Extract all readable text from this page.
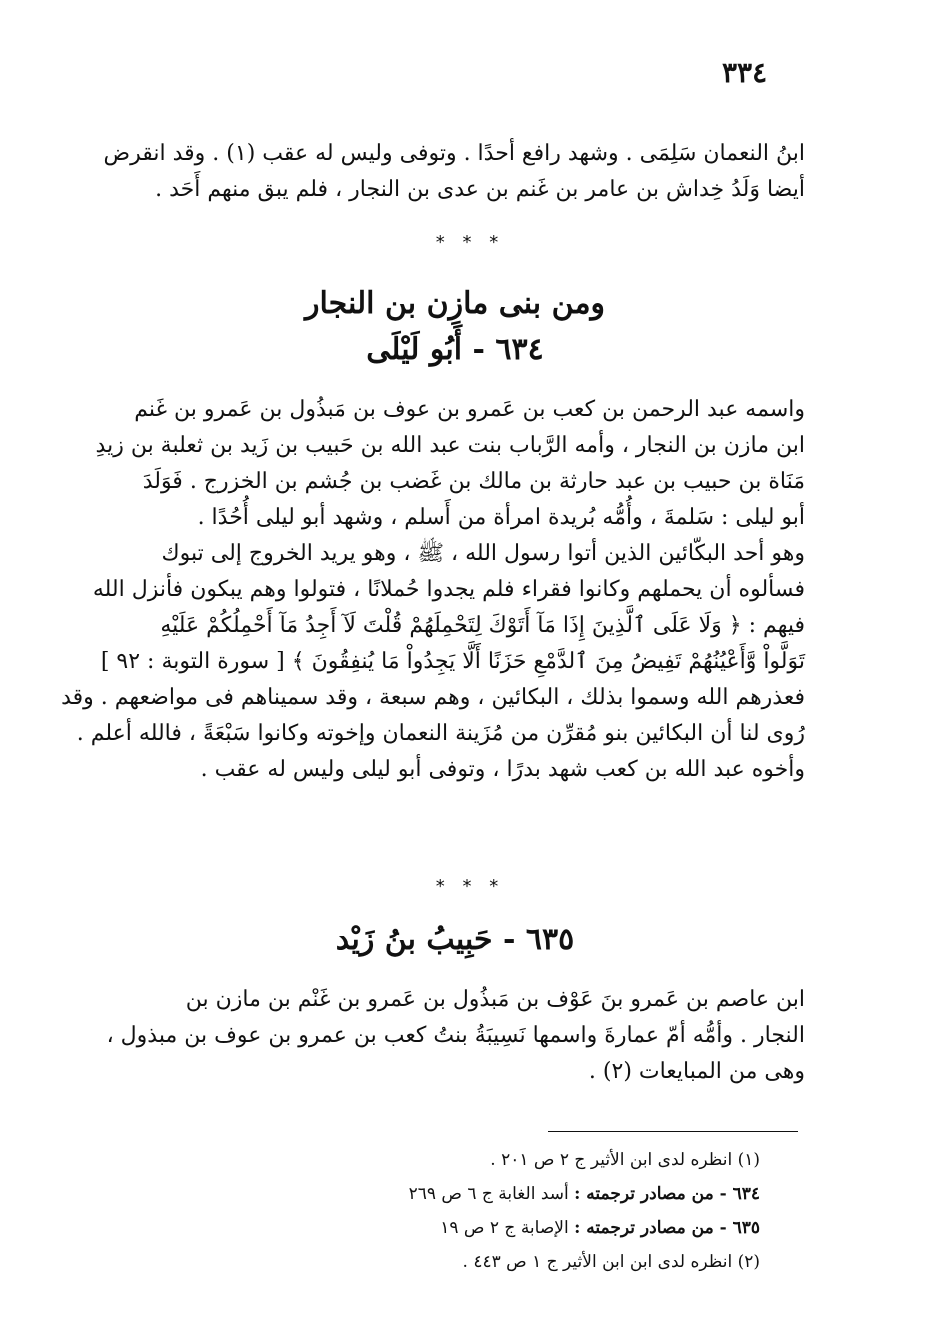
٣٣٤
ابنُ النعمان سَلِمَى . وشهد رافع أحدًا . وتوفى وليس له عقب (١) . وقد انقرض
أيضا وَلَدُ خِداش بن عامر بن غَنم بن عدى بن النجار ، فلم يبق منهم أَحَد .
* * *
ومن بنى مازِن بن النجار
٦٣٤ - أَبُو لَيْلَى
واسمه عبد الرحمن بن كعب بن عَمرو بن عوف بن مَبذُول بن عَمرو بن غَنم
ابن مازن بن النجار ، وأمه الرَّباب بنت عبد الله بن حَبيب بن زَيد بن ثعلبة بن زيدِ
مَنَاة بن حبيب بن عبد حارثة بن مالك بن غَضب بن جُشم بن الخزرج . فَوَلَدَ
أبو ليلى : سَلمةَ ، وأُمُّه بُريدة امرأة من أَسلم ، وشهد أبو ليلى أُحُدًا .
وهو أحد البكّائين الذين أتوا رسول الله ، ﷺ ، وهو يريد الخروج إلى تبوك
فسألوه أن يحملهم وكانوا فقراء فلم يجدوا حُملانًا ، فتولوا وهم يبكون فأنزل الله
فيهم : ﴿ وَلَا عَلَى ٱلَّذِينَ إِذَا مَآ أَتَوْكَ لِتَحْمِلَهُمْ قُلْتَ لَآ أَجِدُ مَآ أَحْمِلُكُمْ عَلَيْهِ
تَوَلَّواْ وَّأَعْيُنُهُمْ تَفِيضُ مِنَ ٱلدَّمْعِ حَزَنًا أَلَّا يَجِدُواْ مَا يُنفِقُونَ ﴾ [ سورة التوبة : ٩٢ ]
فعذرهم الله وسموا بذلك ، البكائين ، وهم سبعة ، وقد سميناهم فى مواضعهم . وقد
رُوى لنا أن البكائين بنو مُقرِّن من مُزَينة النعمان وإخوته وكانوا سَبْعَةً ، فالله أعلم .
وأخوه عبد الله بن كعب شهد بدرًا ، وتوفى أبو ليلى وليس له عقب .
* * *
٦٣٥ - حَبِيبُ بنُ زَيْد
ابن عاصم بن عَمرو بنَ عَوْف بن مَبذُول بن عَمرو بن غَنْم بن مازن بن
النجار . وأمُّه أمّ عمارةَ واسمها نَسِيبَةُ بنتُ كعب بن عمرو بن عوف بن مبذول ،
وهى من المبايعات (٢) .
(١) انظره لدى ابن الأثير ج ٢ ص ٢٠١ .
٦٣٤ - من مصادر ترجمته : أسد الغابة ج ٦ ص ٢٦٩
٦٣٥ - من مصادر ترجمته : الإصابة ج ٢ ص ١٩
(٢) انظره لدى ابن ابن الأثير ج ١ ص ٤٤٣ .
